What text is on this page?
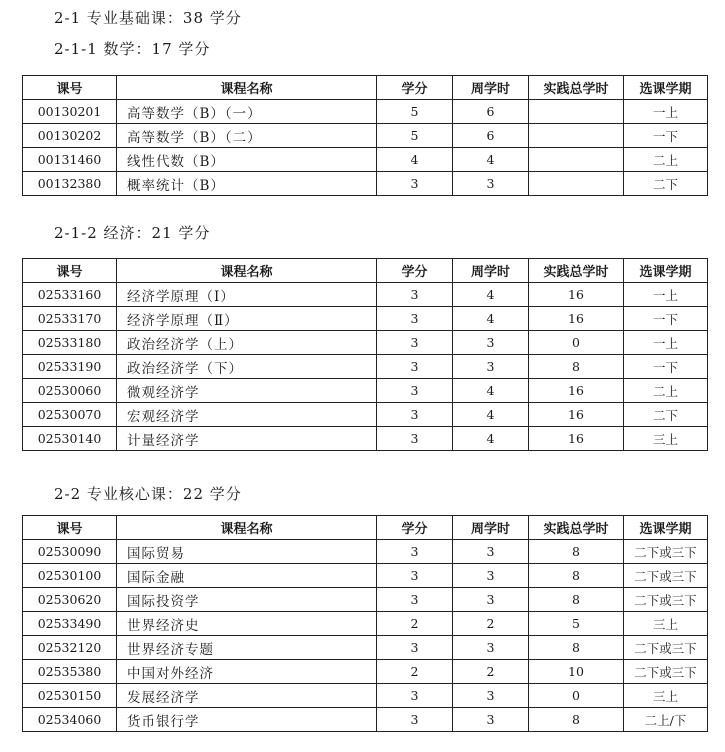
2-1 专业基础课：38 学分
2-1-1 数学：17 学分
课号	课程名称	学分	周学时	实践总学时	选课学期
00130201	高等数学（B）（一）	5	6		一上
00130202	高等数学（B）（二）	5	6		一下
00131460	线性代数（B）	4	4		二上
00132380	概率统计（B）	3	3		二下
2-1-2 经济：21 学分
课号	课程名称	学分	周学时	实践总学时	选课学期
02533160	经济学原理（Ⅰ）	3	4	16	一上
02533170	经济学原理（Ⅱ）	3	4	16	一下
02533180	政治经济学（上）	3	3	0	一上
02533190	政治经济学（下）	3	3	8	一下
02530060	微观经济学	3	4	16	二上
02530070	宏观经济学	3	4	16	二下
02530140	计量经济学	3	4	16	三上
2-2 专业核心课：22 学分
课号	课程名称	学分	周学时	实践总学时	选课学期
02530090	国际贸易	3	3	8	二下或三下
02530100	国际金融	3	3	8	二下或三下
02530620	国际投资学	3	3	8	二下或三下
02533490	世界经济史	2	2	5	三上
02532120	世界经济专题	3	3	8	二下或三下
02535380	中国对外经济	2	2	10	二下或三下
02530150	发展经济学	3	3	0	三上
02534060	货币银行学	3	3	8	二上/下
